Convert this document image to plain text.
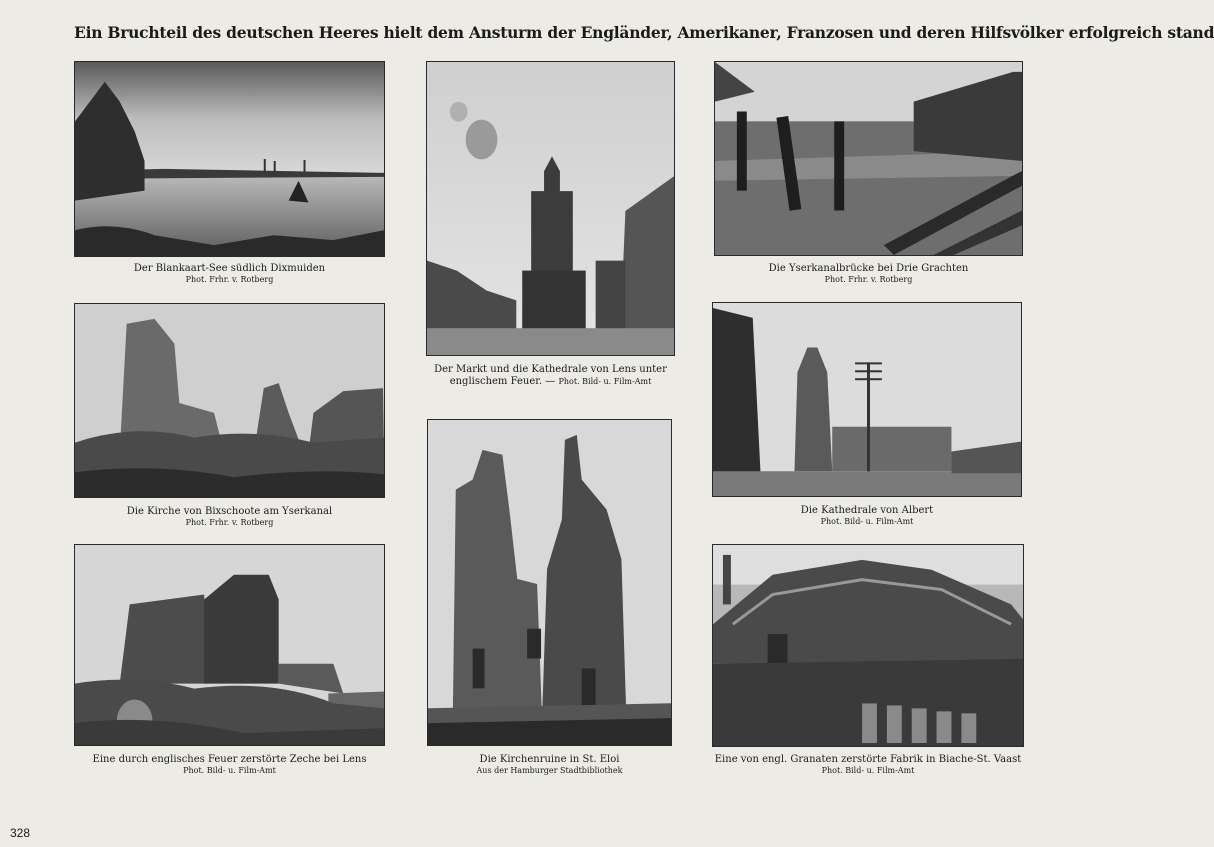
Ein Bruchteil des deutschen Heeres hielt dem Ansturm der Engländer, Amerikaner, Franzosen und deren Hilfsvölker erfolgreich stand
Der Blankaart-See südlich Dixmuiden
Phot. Frhr. v. Rotberg
Der Markt und die Kathedrale von Lens unter
englischem Feuer. — Phot. Bild- u. Film-Amt
Die Yserkanalbrücke bei Drie Grachten
Phot. Frhr. v. Rotberg
Die Kirche von Bixschoote am Yserkanal
Phot. Frhr. v. Rotberg
Die Kathedrale von Albert
Phot. Bild- u. Film-Amt
Eine durch englisches Feuer zerstörte Zeche bei Lens
Phot. Bild- u. Film-Amt
Die Kirchenruine in St. Eloi
Aus der Hamburger Stadtbibliothek
Eine von engl. Granaten zerstörte Fabrik in Biache-St. Vaast
Phot. Bild- u. Film-Amt
328
